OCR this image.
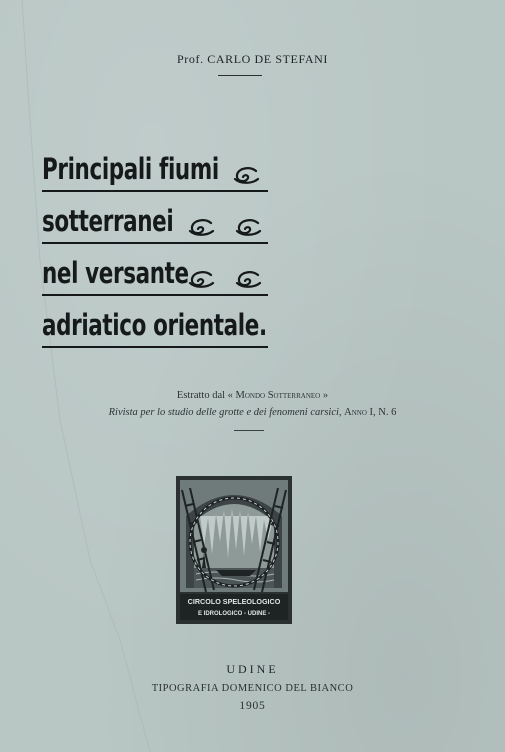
Prof. CARLO DE STEFANI
Principali fiumi
sotterranei
nel versante
adriatico orientale.
Estratto dal « Mondo Sotterraneo »
Rivista per lo studio delle grotte e dei fenomeni carsici, Anno I, N. 6
CIRCOLO SPELEOLOGICO
E IDROLOGICO - UDINE -
UDINE
TIPOGRAFIA DOMENICO DEL BIANCO
1905
